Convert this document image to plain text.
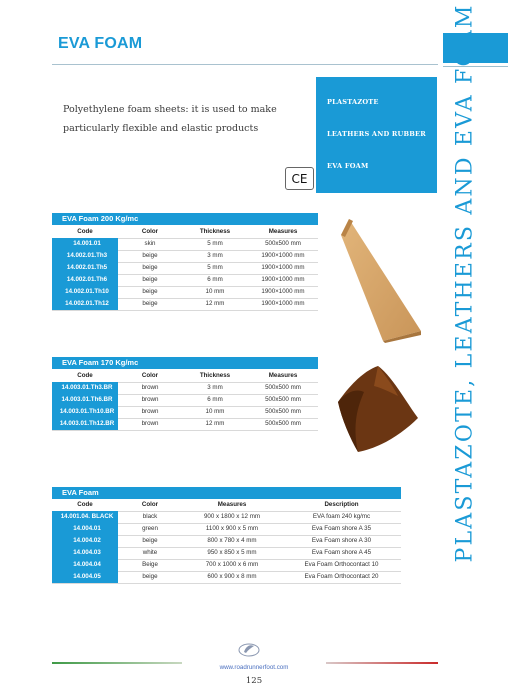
EVA FOAM	PLASTAZOTE, LEATHERS AND EVA FOAM
Polyethylene foam sheets: it is used to make particularly flexible and elastic products
PLASTAZOTE
LEATHERS AND RUBBER
EVA FOAM
CE
EVA Foam 200 Kg/mc
Code	Color	Thickness	Measures
14.001.01	skin	5 mm	500x500 mm
14.002.01.Th3	beige	3 mm	1900×1000 mm
14.002.01.Th5	beige	5 mm	1900×1000 mm
14.002.01.Th6	beige	6 mm	1900×1000 mm
14.002.01.Th10	beige	10 mm	1900×1000 mm
14.002.01.Th12	beige	12 mm	1900×1000 mm
EVA Foam 170 Kg/mc
Code	Color	Thickness	Measures
14.003.01.Th3.BR	brown	3 mm	500x500 mm
14.003.01.Th6.BR	brown	6 mm	500x500 mm
14.003.01.Th10.BR	brown	10 mm	500x500 mm
14.003.01.Th12.BR	brown	12 mm	500x500 mm
EVA Foam
Code	Color	Measures	Description
14.001.04. BLACK	black	900 x 1800 x 12 mm	EVA foam 240 kg/mc
14.004.01	green	1100 x 900 x 5 mm	Eva Foam shore A 35
14.004.02	beige	800 x 780 x 4 mm	Eva Foam shore A 30
14.004.03	white	950 x 850 x 5 mm	Eva Foam shore A 45
14.004.04	Beige	700 x 1000 x 6 mm	Eva Foam Orthocontact 10
14.004.05	beige	600 x 900 x 8 mm	Eva Foam Orthocontact 20
www.roadrunnerfoot.com
125
